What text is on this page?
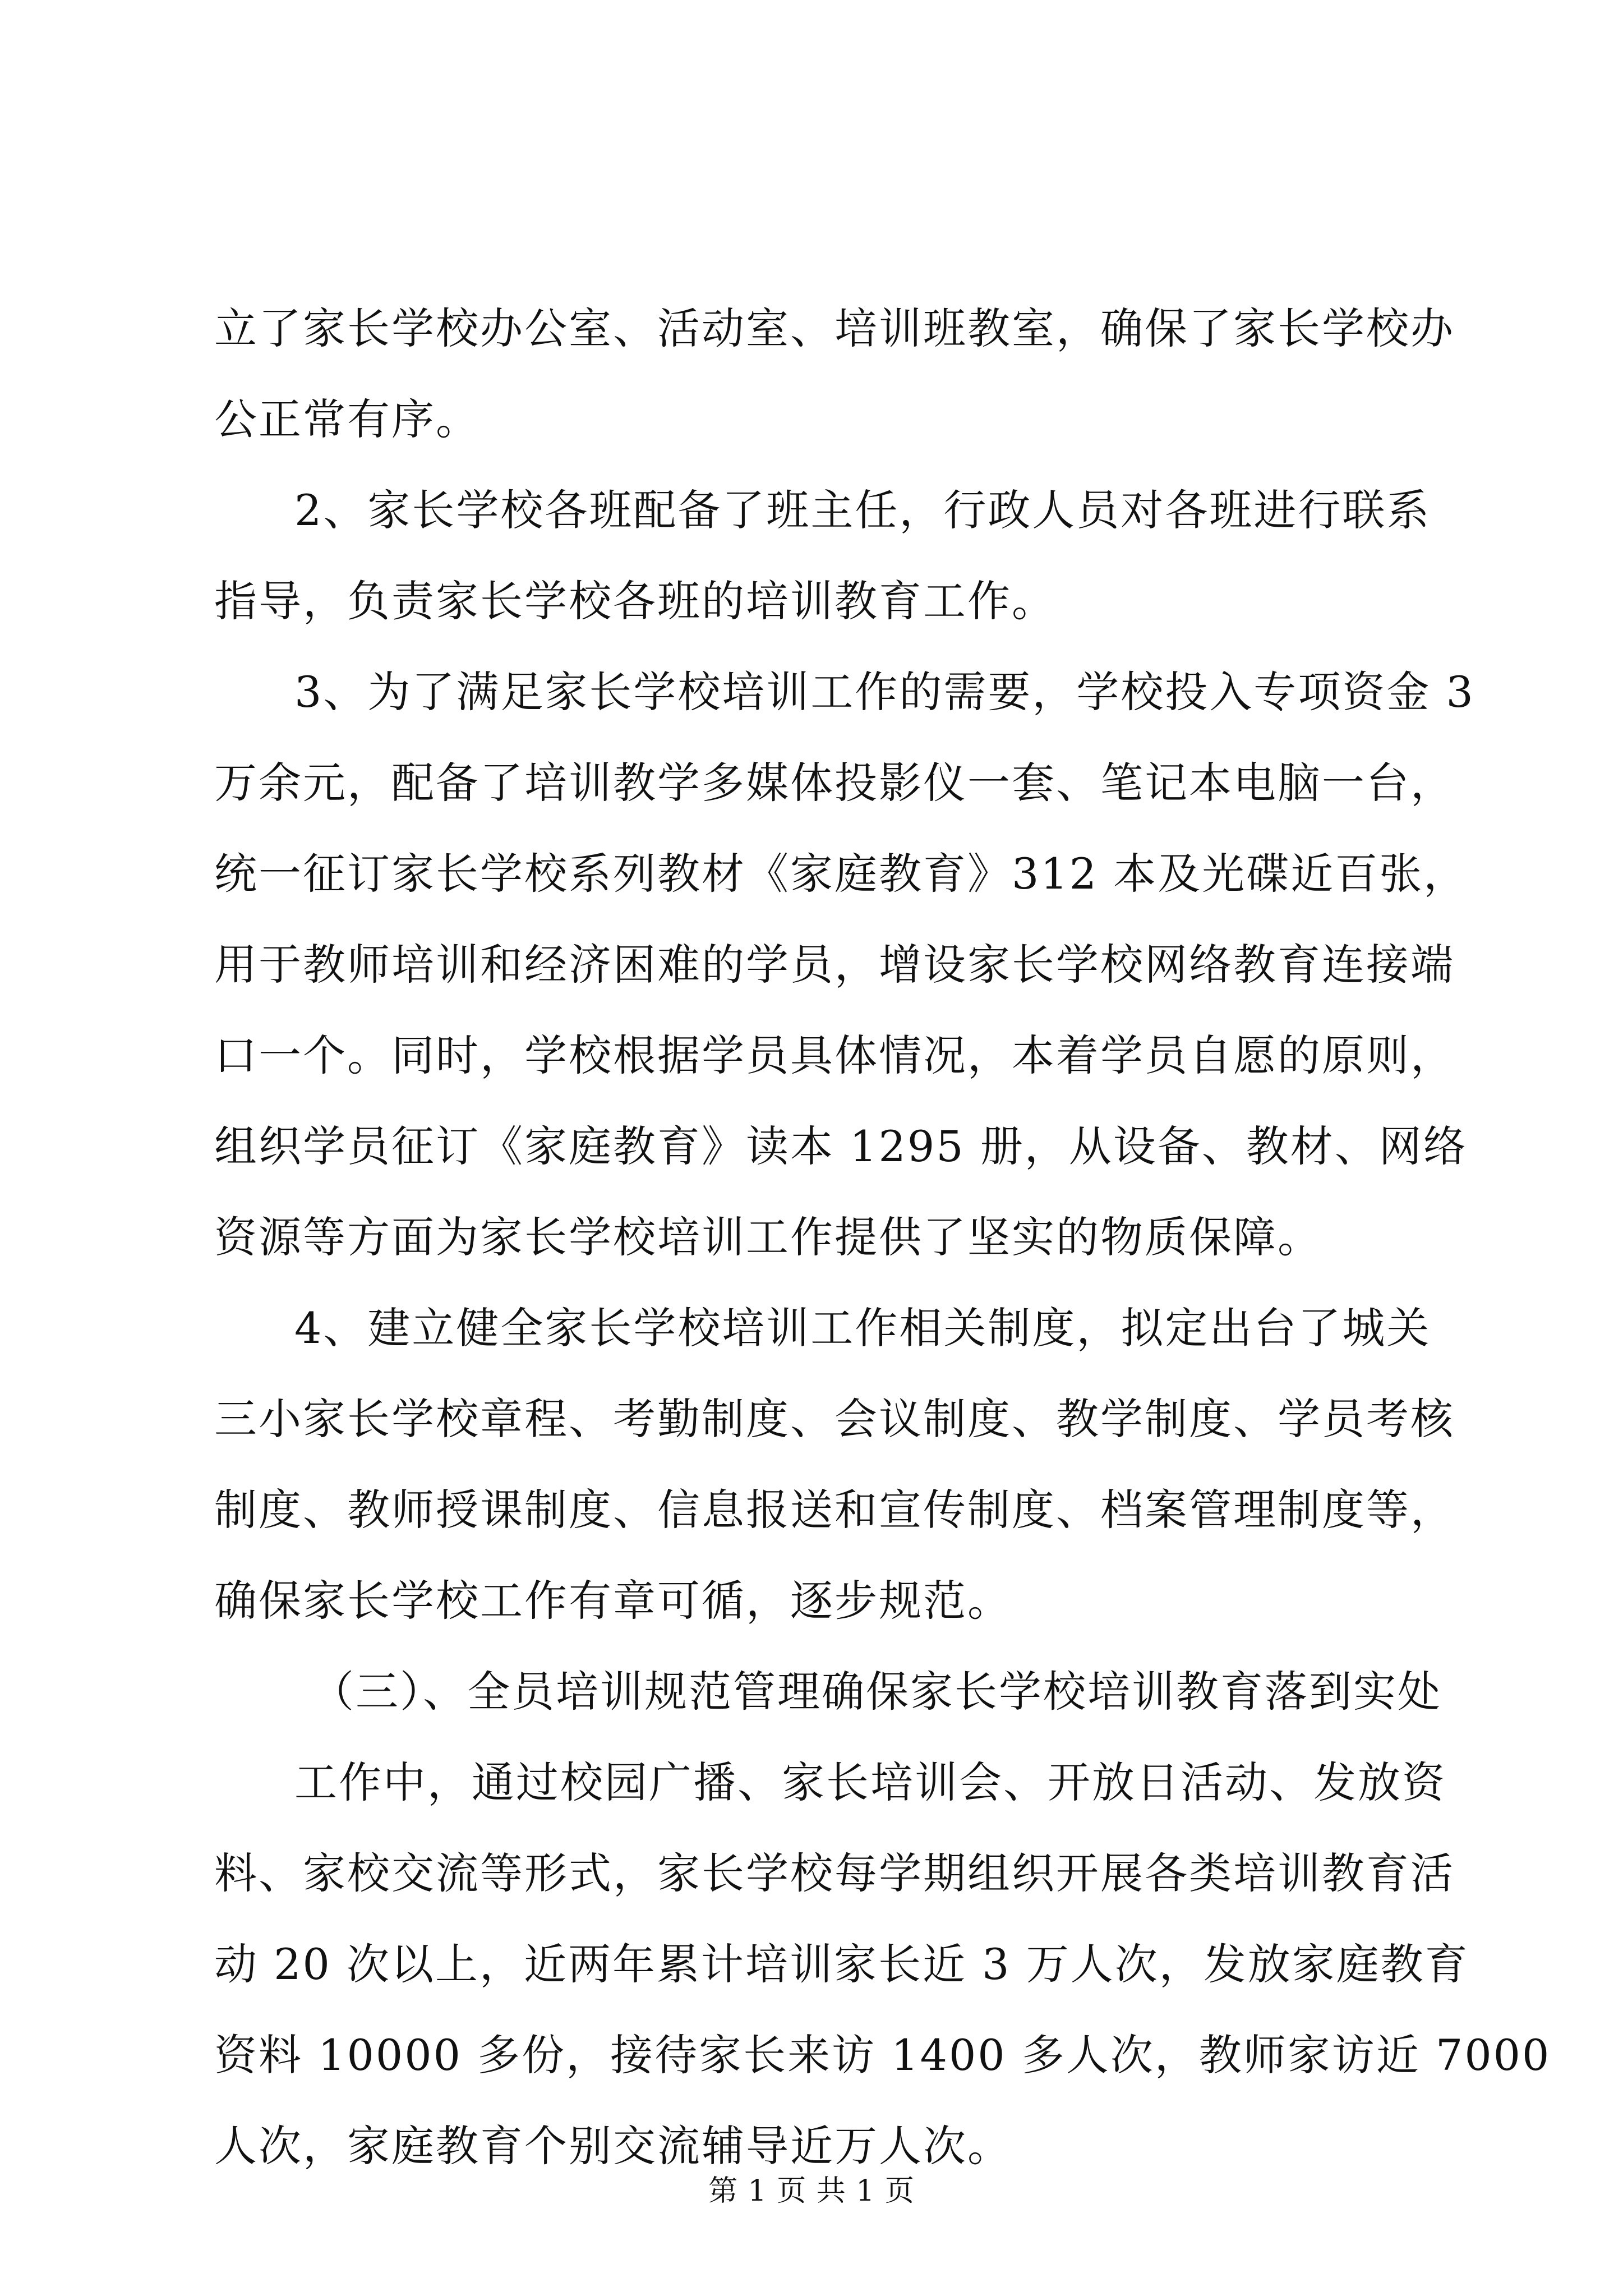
立了家长学校办公室、活动室、培训班教室，确保了家长学校办
公正常有序。
2、家长学校各班配备了班主任，行政人员对各班进行联系
指导，负责家长学校各班的培训教育工作。
3、为了满足家长学校培训工作的需要，学校投入专项资金 3
万余元，配备了培训教学多媒体投影仪一套、笔记本电脑一台，
统一征订家长学校系列教材《家庭教育》312 本及光碟近百张，
用于教师培训和经济困难的学员，增设家长学校网络教育连接端
口一个。同时，学校根据学员具体情况，本着学员自愿的原则，
组织学员征订《家庭教育》读本 1295 册，从设备、教材、网络
资源等方面为家长学校培训工作提供了坚实的物质保障。
4、建立健全家长学校培训工作相关制度，拟定出台了城关
三小家长学校章程、考勤制度、会议制度、教学制度、学员考核
制度、教师授课制度、信息报送和宣传制度、档案管理制度等，
确保家长学校工作有章可循，逐步规范。
（三）、全员培训规范管理确保家长学校培训教育落到实处
工作中，通过校园广播、家长培训会、开放日活动、发放资
料、家校交流等形式，家长学校每学期组织开展各类培训教育活
动 20 次以上，近两年累计培训家长近 3 万人次，发放家庭教育
资料 10000 多份，接待家长来访 1400 多人次，教师家访近 7000
人次，家庭教育个别交流辅导近万人次。
第 1 页 共 1 页
